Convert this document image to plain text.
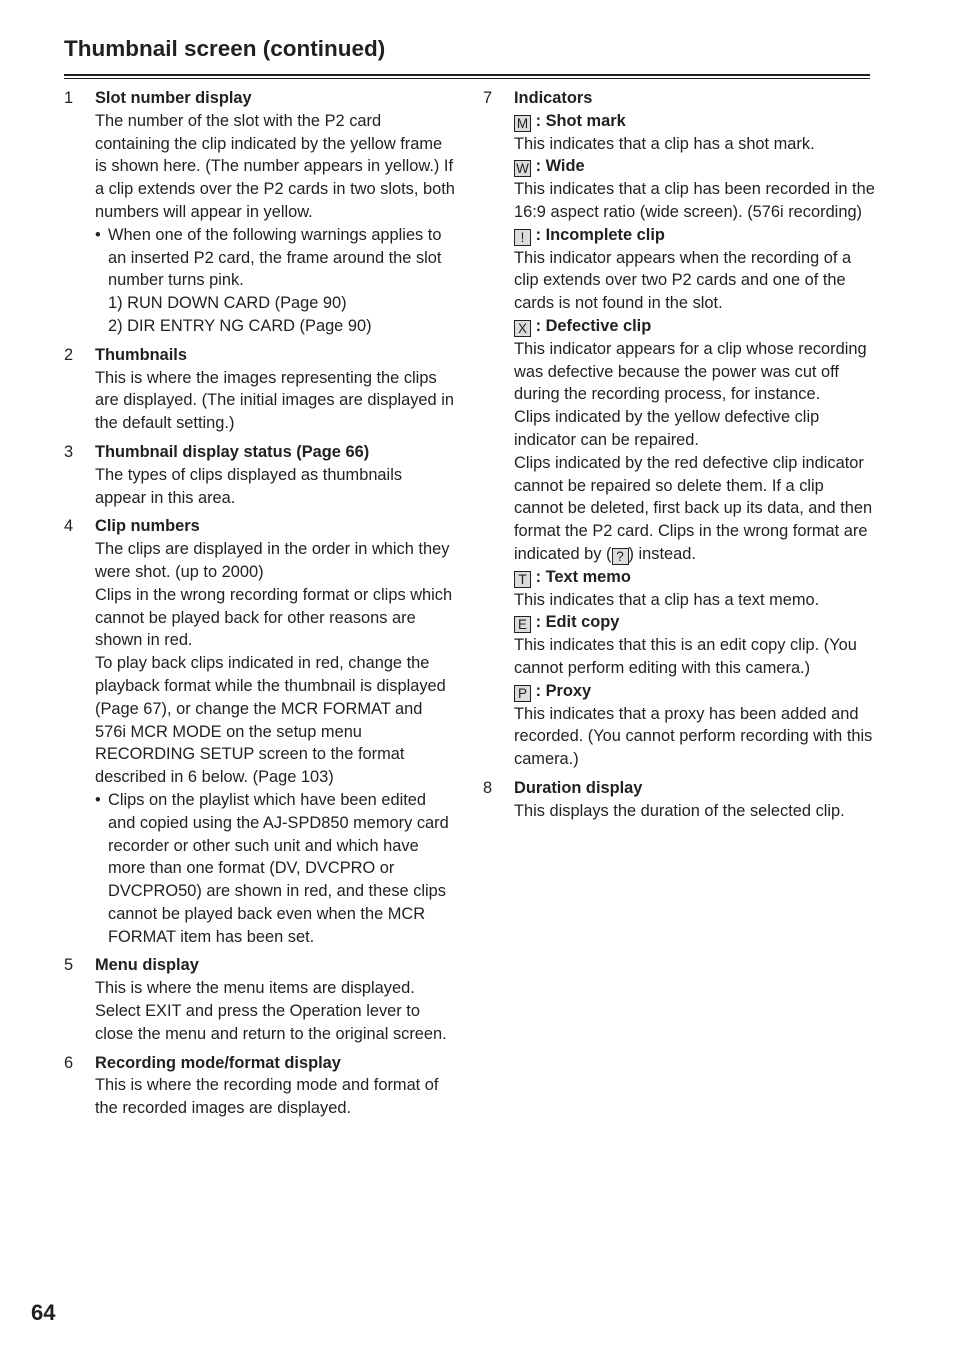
Thumbnail screen (continued)
1 Slot number display
The number of the slot with the P2 card containing the clip indicated by the yellow frame is shown here. (The number appears in yellow.) If a clip extends over the P2 cards in two slots, both numbers will appear in yellow.
• When one of the following warnings applies to an inserted P2 card, the frame around the slot number turns pink.
1) RUN DOWN CARD (Page 90)
2) DIR ENTRY NG CARD (Page 90)
2 Thumbnails
This is where the images representing the clips are displayed. (The initial images are displayed in the default setting.)
3 Thumbnail display status (Page 66)
The types of clips displayed as thumbnails appear in this area.
4 Clip numbers
The clips are displayed in the order in which they were shot. (up to 2000)
Clips in the wrong recording format or clips which cannot be played back for other reasons are shown in red.
To play back clips indicated in red, change the playback format while the thumbnail is displayed (Page 67), or change the MCR FORMAT and 576i MCR MODE on the setup menu RECORDING SETUP screen to the format described in 6 below. (Page 103)
• Clips on the playlist which have been edited and copied using the AJ-SPD850 memory card recorder or other such unit and which have more than one format (DV, DVCPRO or DVCPRO50) are shown in red, and these clips cannot be played back even when the MCR FORMAT item has been set.
5 Menu display
This is where the menu items are displayed. Select EXIT and press the Operation lever to close the menu and return to the original screen.
6 Recording mode/format display
This is where the recording mode and format of the recorded images are displayed.
7 Indicators
M : Shot mark
This indicates that a clip has a shot mark.
W : Wide
This indicates that a clip has been recorded in the 16:9 aspect ratio (wide screen). (576i recording)
! : Incomplete clip
This indicator appears when the recording of a clip extends over two P2 cards and one of the cards is not found in the slot.
X : Defective clip
This indicator appears for a clip whose recording was defective because the power was cut off during the recording process, for instance.
Clips indicated by the yellow defective clip indicator can be repaired.
Clips indicated by the red defective clip indicator cannot be repaired so delete them. If a clip cannot be deleted, first back up its data, and then format the P2 card. Clips in the wrong format are indicated by ( ? ) instead.
T : Text memo
This indicates that a clip has a text memo.
E : Edit copy
This indicates that this is an edit copy clip. (You cannot perform editing with this camera.)
P : Proxy
This indicates that a proxy has been added and recorded. (You cannot perform recording with this camera.)
8 Duration display
This displays the duration of the selected clip.
64
